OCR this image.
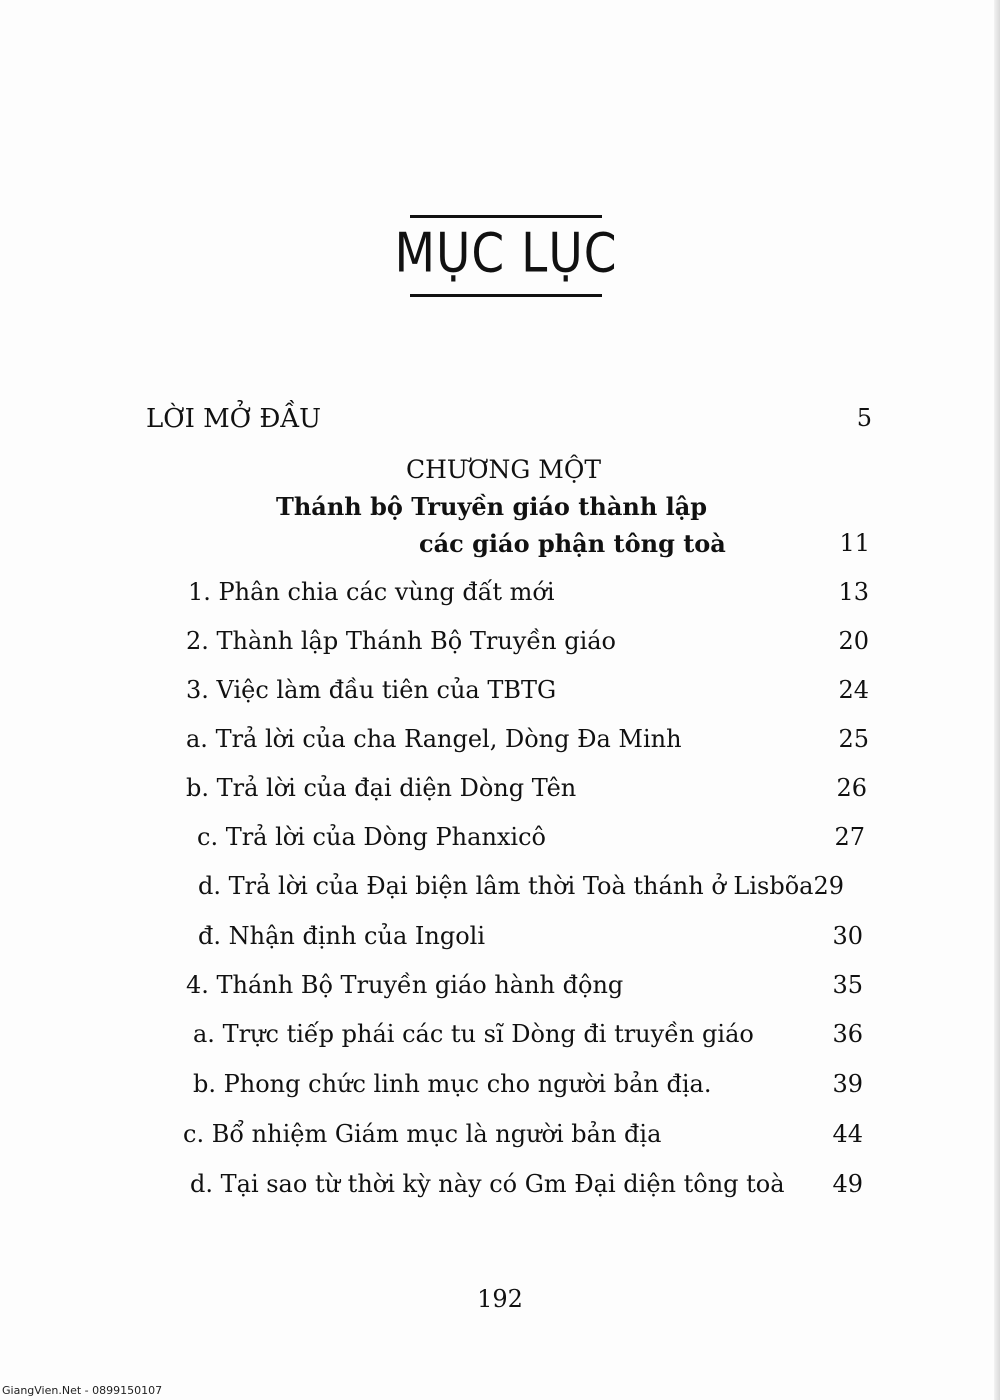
MỤC LỤC
LỜI MỞ ĐẦU	5
CHƯƠNG MỘT
Thánh bộ Truyền giáo thành lập
các giáo phận tông toà	11
1. Phân chia các vùng đất mới	13
2. Thành lập Thánh Bộ Truyền giáo	20
3. Việc làm đầu tiên của TBTG	24
a. Trả lời của cha Rangel, Dòng Đa Minh	25
b. Trả lời của đại diện Dòng Tên	26
c. Trả lời của Dòng Phanxicô	27
d. Trả lời của Đại biện lâm thời Toà thánh ở Lisbõa29
đ. Nhận định của Ingoli	30
4. Thánh Bộ Truyền giáo hành động	35
a. Trực tiếp phái các tu sĩ Dòng đi truyền giáo	36
b. Phong chức linh mục cho người bản địa.	39
c. Bổ nhiệm Giám mục là người bản địa	44
d. Tại sao từ thời kỳ này có Gm Đại diện tông toà 49
192
GiangVien.Net - 0899150107
